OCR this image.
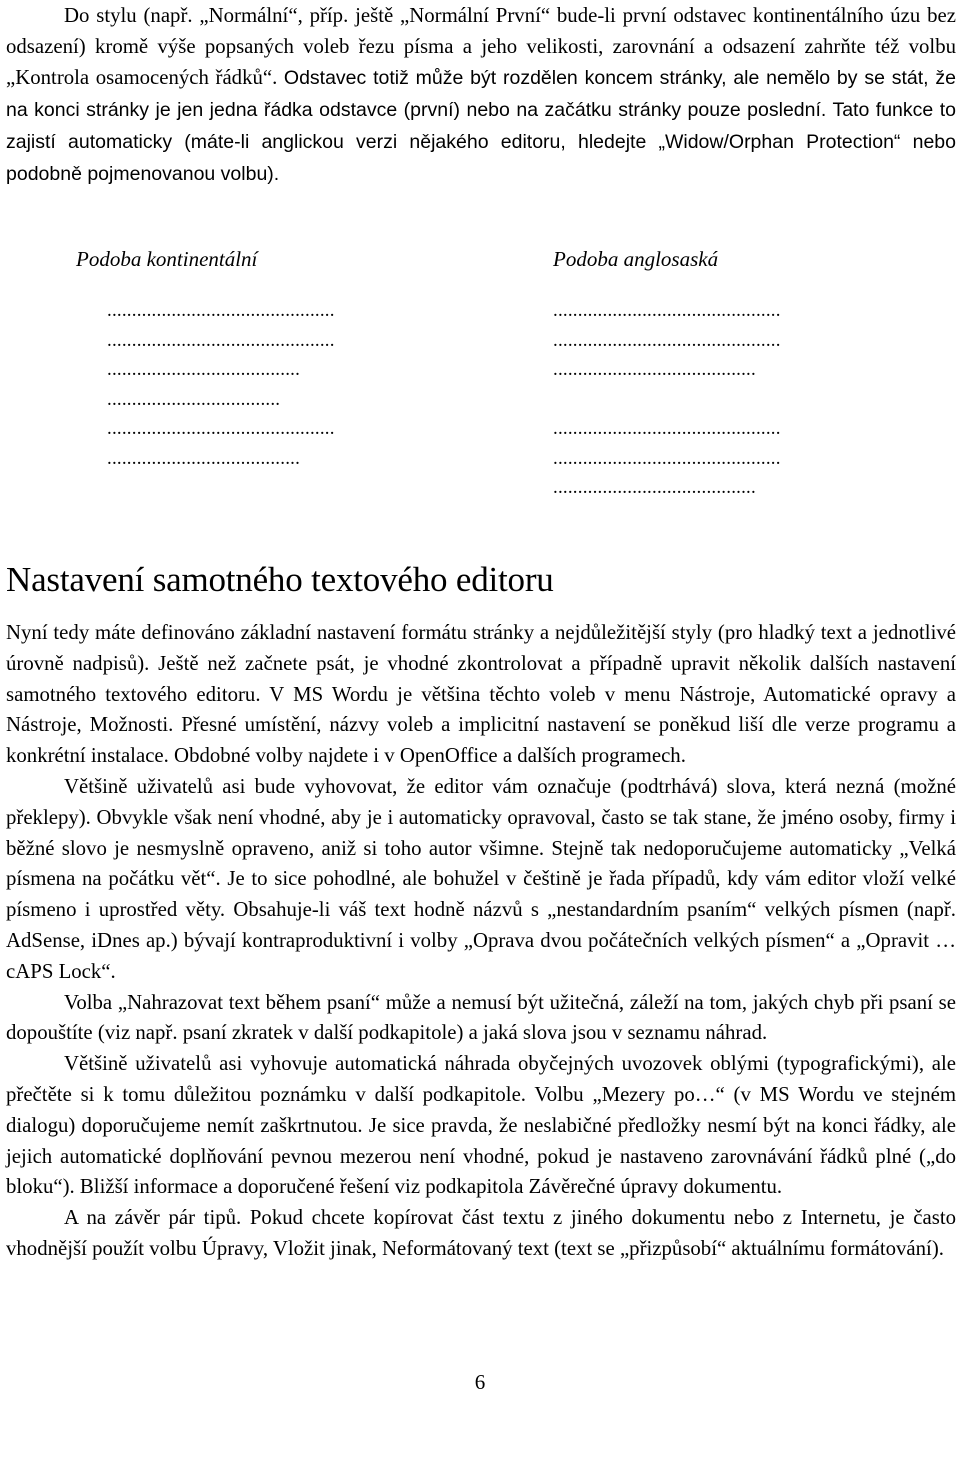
Do stylu (např. „Normální“, příp. ještě „Normální První“ bude-li první odstavec kontinentálního úzu bez odsazení) kromě výše popsaných voleb řezu písma a jeho velikosti, zarovnání a odsazení zahrňte též volbu „Kontrola osamocených řádků“. Odstavec totiž může být rozdělen koncem stránky, ale nemělo by se stát, že na konci stránky je jen jedna řádka odstavce (první) nebo na začátku stránky pouze poslední. Tato funkce to zajistí automaticky (máte-li anglickou verzi nějakého editoru, hledejte „Widow/Orphan Protection“ nebo podobně pojmenovanou volbu).
Podoba kontinentální	Podoba anglosaská
..............................................
..............................................
.......................................
...................................
..............................................
.......................................
..............................................
..............................................
.........................................
..............................................
..............................................
.........................................
Nastavení samotného textového editoru

Nyní tedy máte definováno základní nastavení formátu stránky a nejdůležitější styly (pro hladký text a jednotlivé úrovně nadpisů). Ještě než začnete psát, je vhodné zkontrolovat a případně upravit několik dalších nastavení samotného textového editoru. V MS Wordu je většina těchto voleb v menu Nástroje, Automatické opravy a Nástroje, Možnosti. Přesné umístění, názvy voleb a implicitní nastavení se poněkud liší dle verze programu a konkrétní instalace. Obdobné volby najdete i v OpenOffice a dalších programech.

Většině uživatelů asi bude vyhovovat, že editor vám označuje (podtrhává) slova, která nezná (možné překlepy). Obvykle však není vhodné, aby je i automaticky opravoval, často se tak stane, že jméno osoby, firmy i běžné slovo je nesmyslně opraveno, aniž si toho autor všimne. Stejně tak nedoporučujeme automaticky „Velká písmena na počátku vět“. Je to sice pohodlné, ale bohužel v češtině je řada případů, kdy vám editor vloží velké písmeno i uprostřed věty. Obsahuje-li váš text hodně názvů s „nestandardním psaním“ velkých písmen (např. AdSense, iDnes ap.) bývají kontraproduktivní i volby „Oprava dvou počátečních velkých písmen“ a „Opravit … cAPS Lock“.

Volba „Nahrazovat text během psaní“ může a nemusí být užitečná, záleží na tom, jakých chyb při psaní se dopouštíte (viz např. psaní zkratek v další podkapitole) a jaká slova jsou v seznamu náhrad.

Většině uživatelů asi vyhovuje automatická náhrada obyčejných uvozovek oblými (typografickými), ale přečtěte si k tomu důležitou poznámku v další podkapitole. Volbu „Mezery po…“ (v MS Wordu ve stejném dialogu) doporučujeme nemít zaškrtnutou. Je sice pravda, že neslabičné předložky nesmí být na konci řádky, ale jejich automatické doplňování pevnou mezerou není vhodné, pokud je nastaveno zarovnávání řádků plné („do bloku“). Bližší informace a doporučené řešení viz podkapitola Závěrečné úpravy dokumentu.

A na závěr pár tipů. Pokud chcete kopírovat část textu z jiného dokumentu nebo z Internetu, je často vhodnější použít volbu Úpravy, Vložit jinak, Neformátovaný text (text se „přizpůsobí“ aktuálnímu formátování).

6
